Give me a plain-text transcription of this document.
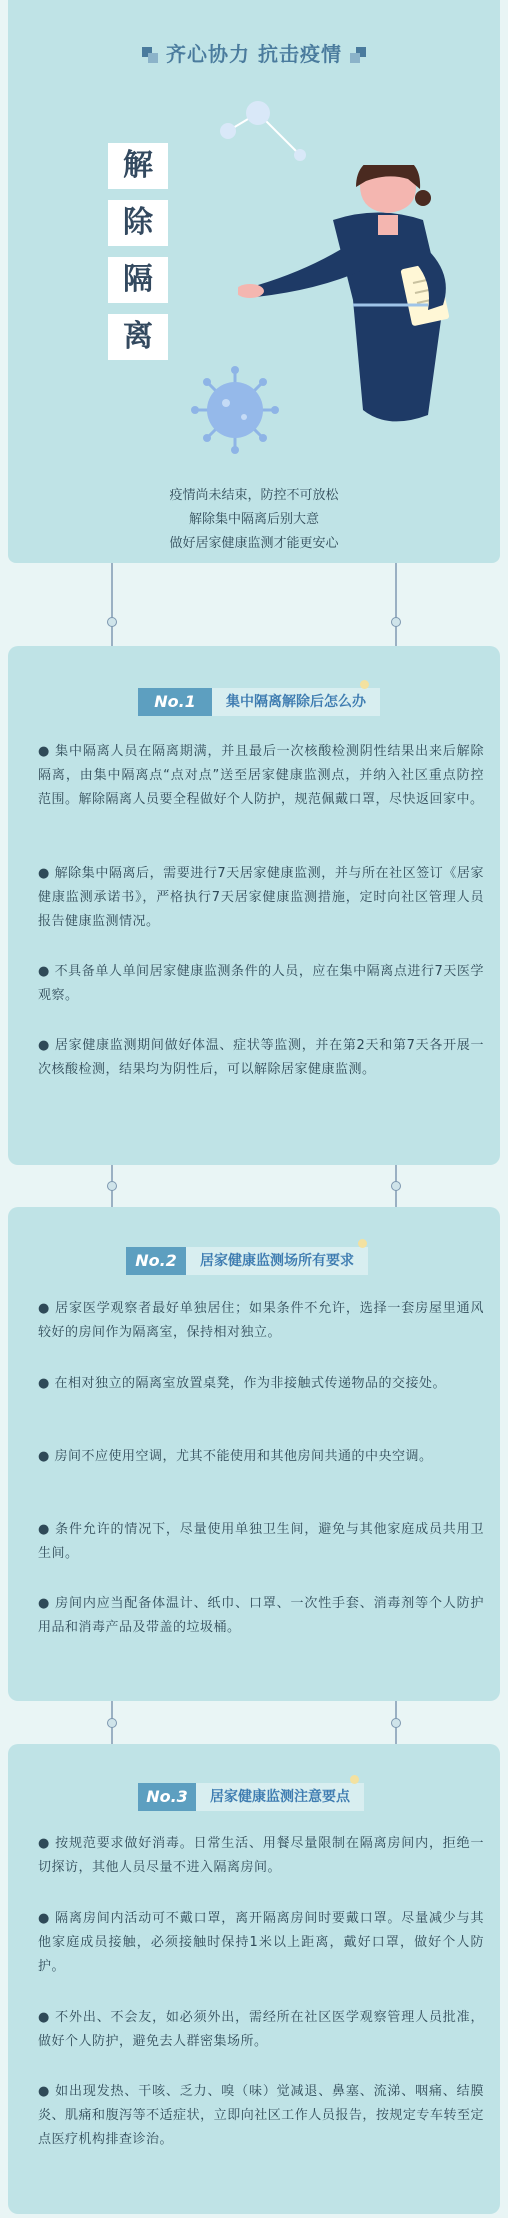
齐心协力 抗击疫情
解
除
隔
离
疫情尚未结束，防控不可放松
解除集中隔离后别大意
做好居家健康监测才能更安心
No.1	集中隔离解除后怎么办

● 集中隔离人员在隔离期满，并且最后一次核酸检测阴性结果出来后解除隔离，由集中隔离点“点对点”送至居家健康监测点，并纳入社区重点防控范围。解除隔离人员要全程做好个人防护，规范佩戴口罩，尽快返回家中。

● 解除集中隔离后，需要进行7天居家健康监测，并与所在社区签订《居家健康监测承诺书》，严格执行7天居家健康监测措施，定时向社区管理人员报告健康监测情况。

● 不具备单人单间居家健康监测条件的人员，应在集中隔离点进行7天医学观察。

● 居家健康监测期间做好体温、症状等监测，并在第2天和第7天各开展一次核酸检测，结果均为阴性后，可以解除居家健康监测。

No.2	居家健康监测场所有要求

● 居家医学观察者最好单独居住；如果条件不允许，选择一套房屋里通风较好的房间作为隔离室，保持相对独立。

● 在相对独立的隔离室放置桌凳，作为非接触式传递物品的交接处。

● 房间不应使用空调，尤其不能使用和其他房间共通的中央空调。

● 条件允许的情况下，尽量使用单独卫生间，避免与其他家庭成员共用卫生间。

● 房间内应当配备体温计、纸巾、口罩、一次性手套、消毒剂等个人防护用品和消毒产品及带盖的垃圾桶。

No.3	居家健康监测注意要点

● 按规范要求做好消毒。日常生活、用餐尽量限制在隔离房间内，拒绝一切探访，其他人员尽量不进入隔离房间。

● 隔离房间内活动可不戴口罩，离开隔离房间时要戴口罩。尽量减少与其他家庭成员接触，必须接触时保持1米以上距离，戴好口罩，做好个人防护。

● 不外出、不会友，如必须外出，需经所在社区医学观察管理人员批准，做好个人防护，避免去人群密集场所。

● 如出现发热、干咳、乏力、嗅（味）觉减退、鼻塞、流涕、咽痛、结膜炎、肌痛和腹泻等不适症状，立即向社区工作人员报告，按规定专车转至定点医疗机构排查诊治。
